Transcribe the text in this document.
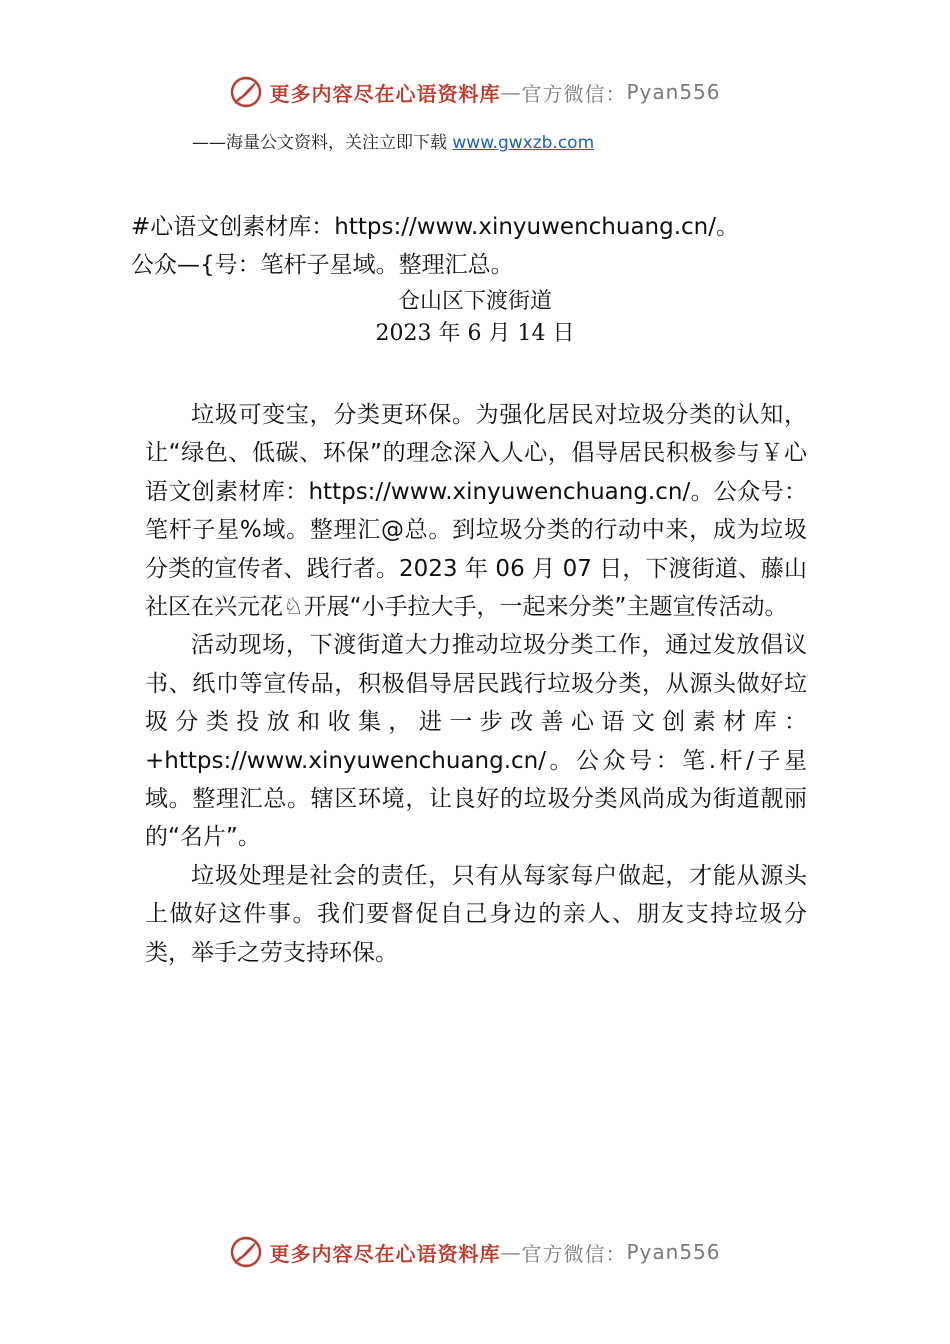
更多内容尽在心语资料库 — 官方微信： Pyan556
——海量公文资料，关注立即下载 www.gwxzb.com
#心语文创素材库：https://www.xinyuwenchuang.cn/。
公众—{号：笔杆子星域。整理汇总。
仓山区下渡街道
2023 年 6 月 14 日

垃圾可变宝，分类更环保。为强化居民对垃圾分类的认知，让“绿色、低碳、环保”的理念深入人心，倡导居民积极参与￥心语文创素材库：https://www.xinyuwenchuang.cn/。公众号：笔杆子星%域。整理汇@总。到垃圾分类的行动中来，成为垃圾分类的宣传者、践行者。2023 年 06 月 07 日，下渡街道、藤山社区在兴元花♘开展“小手拉大手，一起来分类”主题宣传活动。

活动现场，下渡街道大力推动垃圾分类工作，通过发放倡议书、纸巾等宣传品，积极倡导居民践行垃圾分类，从源头做好垃圾分类投放和收集，进一步改善心语文创素材库：+https://www.xinyuwenchuang.cn/。公众号：笔.杆/子星域。整理汇总。辖区环境，让良好的垃圾分类风尚成为街道靓丽的“名片”。

垃圾处理是社会的责任，只有从每家每户做起，才能从源头上做好这件事。我们要督促自己身边的亲人、朋友支持垃圾分类，举手之劳支持环保。

更多内容尽在心语资料库 — 官方微信： Pyan556
